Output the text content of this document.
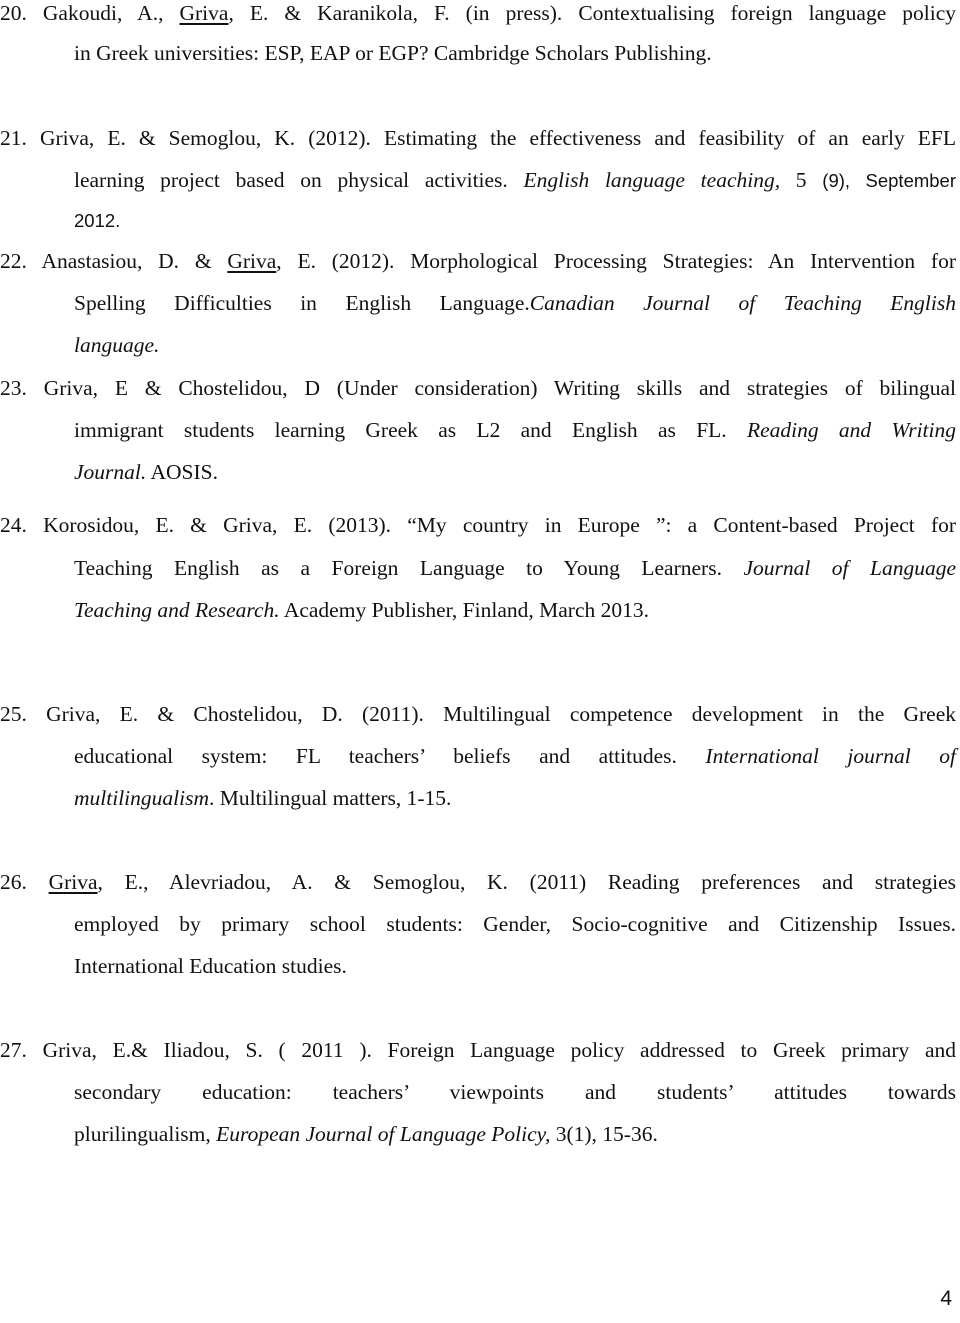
20. Gakoudi, A., Griva, E. & Karanikola, F. (in press). Contextualising foreign language policy
in Greek universities: ESP, EAP or EGP? Cambridge Scholars Publishing.
21. Griva, E. & Semoglou, K. (2012). Estimating the effectiveness and feasibility of an early EFL
learning project based on physical activities. English language teaching, 5 (9), September
2012.
22. Anastasiou, D. & Griva, E. (2012). Morphological Processing Strategies: An Intervention for
Spelling Difficulties in English Language.Canadian Journal of Teaching English
language.
23. Griva, E & Chostelidou, D (Under consideration) Writing skills and strategies of bilingual
immigrant students learning Greek as L2 and English as FL. Reading and Writing
Journal. AOSIS.
24. Korosidou, E. & Griva, E. (2013). “My country in Europe ”: a Content-based Project for
Teaching English as a Foreign Language to Young Learners. Journal of Language
Teaching and Research. Academy Publisher, Finland, March 2013.
25. Griva, E. & Chostelidou, D. (2011). Multilingual competence development in the Greek
educational system: FL teachers’ beliefs and attitudes. International journal of
multilingualism. Multilingual matters, 1-15.
26. Griva, E., Alevriadou, A. & Semoglou, K. (2011) Reading preferences and strategies
employed by primary school students: Gender, Socio-cognitive and Citizenship Issues.
International Education studies.
27. Griva, E.& Iliadou, S. ( 2011 ). Foreign Language policy addressed to Greek primary and
secondary education: teachers’ viewpoints and students’ attitudes towards
plurilingualism, European Journal of Language Policy, 3(1), 15-36.
4
